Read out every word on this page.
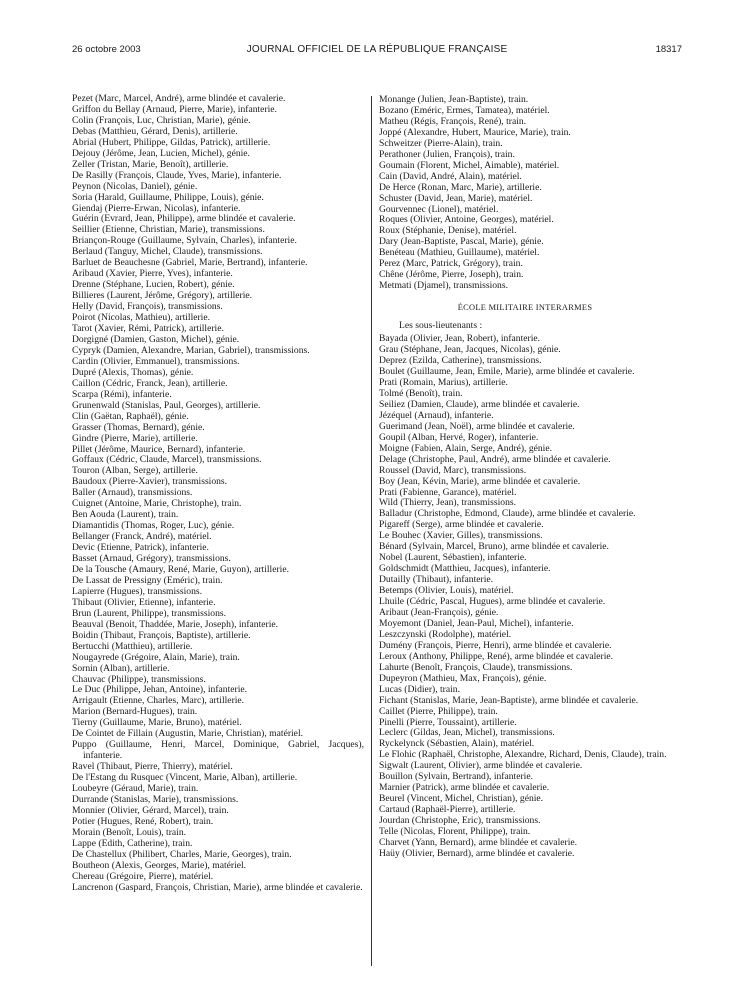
26 octobre 2003	JOURNAL OFFICIEL DE LA RÉPUBLIQUE FRANÇAISE	18317

Pezet (Marc, Marcel, André), arme blindée et cavalerie.

Griffon du Bellay (Arnaud, Pierre, Marie), infanterie.

Colin (François, Luc, Christian, Marie), génie.

Debas (Matthieu, Gérard, Denis), artillerie.

Abrial (Hubert, Philippe, Gildas, Patrick), artillerie.

Dejouy (Jérôme, Jean, Lucien, Michel), génie.

Zeller (Tristan, Marie, Benoît), artillerie.

De Rasilly (François, Claude, Yves, Marie), infanterie.

Peynon (Nicolas, Daniel), génie.

Soria (Harald, Guillaume, Philippe, Louis), génie.

Giendaj (Pierre-Erwan, Nicolas), infanterie.

Guérin (Evrard, Jean, Philippe), arme blindée et cavalerie.

Seillier (Etienne, Christian, Marie), transmissions.

Briançon-Rouge (Guillaume, Sylvain, Charles), infanterie.

Berlaud (Tanguy, Michel, Claude), transmissions.

Barluet de Beauchesne (Gabriel, Marie, Bertrand), infanterie.

Aribaud (Xavier, Pierre, Yves), infanterie.

Drenne (Stéphane, Lucien, Robert), génie.

Billieres (Laurent, Jérôme, Grégory), artillerie.

Helly (David, François), transmissions.

Poirot (Nicolas, Mathieu), artillerie.

Tarot (Xavier, Rémi, Patrick), artillerie.

Dorgigné (Damien, Gaston, Michel), génie.

Cypryk (Damien, Alexandre, Marian, Gabriel), transmissions.

Cardin (Olivier, Emmanuel), transmissions.

Dupré (Alexis, Thomas), génie.

Caillon (Cédric, Franck, Jean), artillerie.

Scarpa (Rémi), infanterie.

Grunenwald (Stanislas, Paul, Georges), artillerie.

Clin (Gaëtan, Raphaël), génie.

Grasser (Thomas, Bernard), génie.

Gindre (Pierre, Marie), artillerie.

Pillet (Jérôme, Maurice, Bernard), infanterie.

Goffaux (Cédric, Claude, Marcel), transmissions.

Touron (Alban, Serge), artillerie.

Baudoux (Pierre-Xavier), transmissions.

Baller (Arnaud), transmissions.

Cuignet (Antoine, Marie, Christophe), train.

Ben Aouda (Laurent), train.

Diamantidis (Thomas, Roger, Luc), génie.

Bellanger (Franck, André), matériel.

Devic (Etienne, Patrick), infanterie.

Basset (Arnaud, Grégory), transmissions.

De la Tousche (Amaury, René, Marie, Guyon), artillerie.

De Lassat de Pressigny (Eméric), train.

Lapierre (Hugues), transmissions.

Thibaut (Olivier, Etienne), infanterie.

Brun (Laurent, Philippe), transmissions.

Beauval (Benoit, Thaddée, Marie, Joseph), infanterie.

Boidin (Thibaut, François, Baptiste), artillerie.

Bertucchi (Matthieu), artillerie.

Nougayrede (Grégoire, Alain, Marie), train.

Sornin (Alban), artillerie.

Chauvac (Philippe), transmissions.

Le Duc (Philippe, Jehan, Antoine), infanterie.

Arrigault (Etienne, Charles, Marc), artillerie.

Marion (Bernard-Hugues), train.

Tierny (Guillaume, Marie, Bruno), matériel.

De Cointet de Fillain (Augustin, Marie, Christian), matériel.

Puppo (Guillaume, Henri, Marcel, Dominique, Gabriel, Jacques), infanterie.

Ravel (Thibaut, Pierre, Thierry), matériel.

De l'Estang du Rusquec (Vincent, Marie, Alban), artillerie.

Loubeyre (Géraud, Marie), train.

Durrande (Stanislas, Marie), transmissions.

Monnier (Olivier, Gérard, Marcel), train.

Potier (Hugues, René, Robert), train.

Morain (Benoît, Louis), train.

Lappe (Edith, Catherine), train.

De Chastellux (Philibert, Charles, Marie, Georges), train.

Boutheon (Alexis, Georges, Marie), matériel.

Chereau (Grégoire, Pierre), matériel.

Lancrenon (Gaspard, François, Christian, Marie), arme blindée et cavalerie.

Monange (Julien, Jean-Baptiste), train.

Bozano (Eméric, Ermes, Tamatea), matériel.

Matheu (Régis, François, René), train.

Joppé (Alexandre, Hubert, Maurice, Marie), train.

Schweitzer (Pierre-Alain), train.

Perathoner (Julien, François), train.

Goumain (Florent, Michel, Aimable), matériel.

Cain (David, André, Alain), matériel.

De Herce (Ronan, Marc, Marie), artillerie.

Schuster (David, Jean, Marie), matériel.

Gourvennec (Lionel), matériel.

Roques (Olivier, Antoine, Georges), matériel.

Roux (Stéphanie, Denise), matériel.

Dary (Jean-Baptiste, Pascal, Marie), génie.

Benéteau (Mathieu, Guillaume), matériel.

Perez (Marc, Patrick, Grégory), train.

Chêne (Jérôme, Pierre, Joseph), train.

Metmati (Djamel), transmissions.

ÉCOLE MILITAIRE INTERARMES
Les sous-lieutenants :

Bayada (Olivier, Jean, Robert), infanterie.

Grau (Stéphane, Jean, Jacques, Nicolas), génie.

Deprez (Ezilda, Catherine), transmissions.

Boulet (Guillaume, Jean, Emile, Marie), arme blindée et cavalerie.

Prati (Romain, Marius), artillerie.

Tolmé (Benoît), train.

Seiliez (Damien, Claude), arme blindée et cavalerie.

Jézéquel (Arnaud), infanterie.

Guerimand (Jean, Noël), arme blindée et cavalerie.

Goupil (Alban, Hervé, Roger), infanterie.

Moigne (Fabien, Alain, Serge, André), génie.

Delage (Christophe, Paul, André), arme blindée et cavalerie.

Roussel (David, Marc), transmissions.

Boy (Jean, Kévin, Marie), arme blindée et cavalerie.

Prati (Fabienne, Garance), matériel.

Wild (Thierry, Jean), transmissions.

Balladur (Christophe, Edmond, Claude), arme blindée et cavalerie.

Pigareff (Serge), arme blindée et cavalerie.

Le Bouhec (Xavier, Gilles), transmissions.

Bénard (Sylvain, Marcel, Bruno), arme blindée et cavalerie.

Nobel (Laurent, Sébastien), infanterie.

Goldschmidt (Matthieu, Jacques), infanterie.

Dutailly (Thibaut), infanterie.

Betemps (Olivier, Louis), matériel.

Lhuile (Cédric, Pascal, Hugues), arme blindée et cavalerie.

Aribaut (Jean-François), génie.

Moyemont (Daniel, Jean-Paul, Michel), infanterie.

Leszczynski (Rodolphe), matériel.

Dumény (François, Pierre, Henri), arme blindée et cavalerie.

Leroux (Anthony, Philippe, René), arme blindée et cavalerie.

Lahurte (Benoît, François, Claude), transmissions.

Dupeyron (Mathieu, Max, François), génie.

Lucas (Didier), train.

Fichant (Stanislas, Marie, Jean-Baptiste), arme blindée et cavalerie.

Caillet (Pierre, Philippe), train.

Pinelli (Pierre, Toussaint), artillerie.

Leclerc (Gildas, Jean, Michel), transmissions.

Ryckelynck (Sébastien, Alain), matériel.

Le Flohic (Raphaël, Christophe, Alexandre, Richard, Denis, Claude), train.

Sigwalt (Laurent, Olivier), arme blindée et cavalerie.

Bouillon (Sylvain, Bertrand), infanterie.

Marnier (Patrick), arme blindée et cavalerie.

Beurel (Vincent, Michel, Christian), génie.

Cartaud (Raphaël-Pierre), artillerie.

Jourdan (Christophe, Eric), transmissions.

Telle (Nicolas, Florent, Philippe), train.

Charvet (Yann, Bernard), arme blindée et cavalerie.

Haüy (Olivier, Bernard), arme blindée et cavalerie.
